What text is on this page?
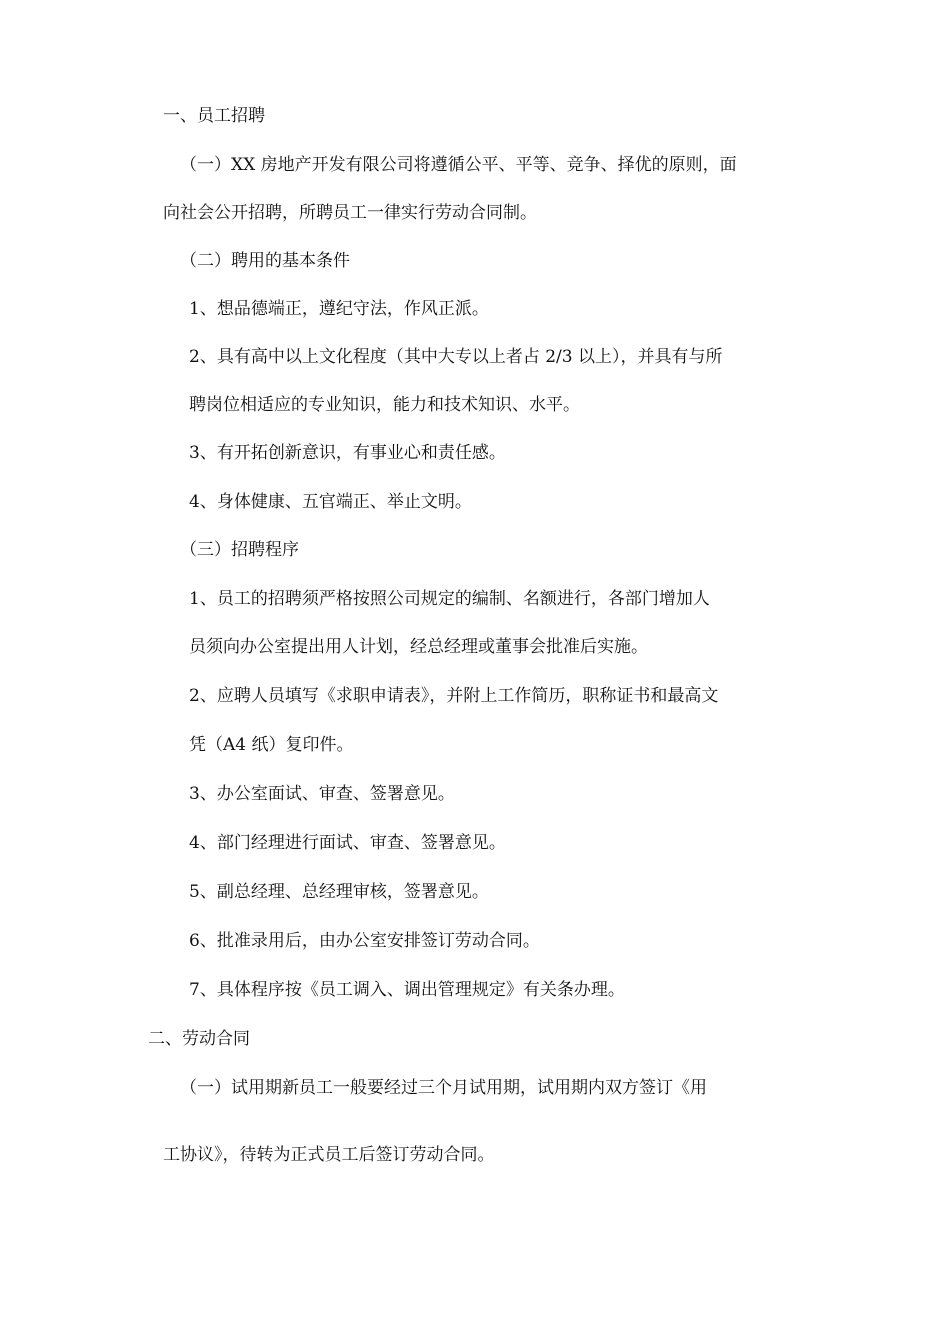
一、员工招聘

（一）XX 房地产开发有限公司将遵循公平、平等、竞争、择优的原则，面

向社会公开招聘，所聘员工一律实行劳动合同制。

（二）聘用的基本条件

1、想品德端正，遵纪守法，作风正派。

2、具有高中以上文化程度（其中大专以上者占 2/3 以上），并具有与所

聘岗位相适应的专业知识，能力和技术知识、水平。

3、有开拓创新意识，有事业心和责任感。

4、身体健康、五官端正、举止文明。

（三）招聘程序

1、员工的招聘须严格按照公司规定的编制、名额进行，各部门增加人

员须向办公室提出用人计划，经总经理或董事会批准后实施。

2、应聘人员填写《求职申请表》，并附上工作简历，职称证书和最高文

凭（A4 纸）复印件。

3、办公室面试、审查、签署意见。

4、部门经理进行面试、审查、签署意见。

5、副总经理、总经理审核，签署意见。

6、批准录用后，由办公室安排签订劳动合同。

7、具体程序按《员工调入、调出管理规定》有关条办理。

二、劳动合同

（一）试用期新员工一般要经过三个月试用期，试用期内双方签订《用

工协议》，待转为正式员工后签订劳动合同。
